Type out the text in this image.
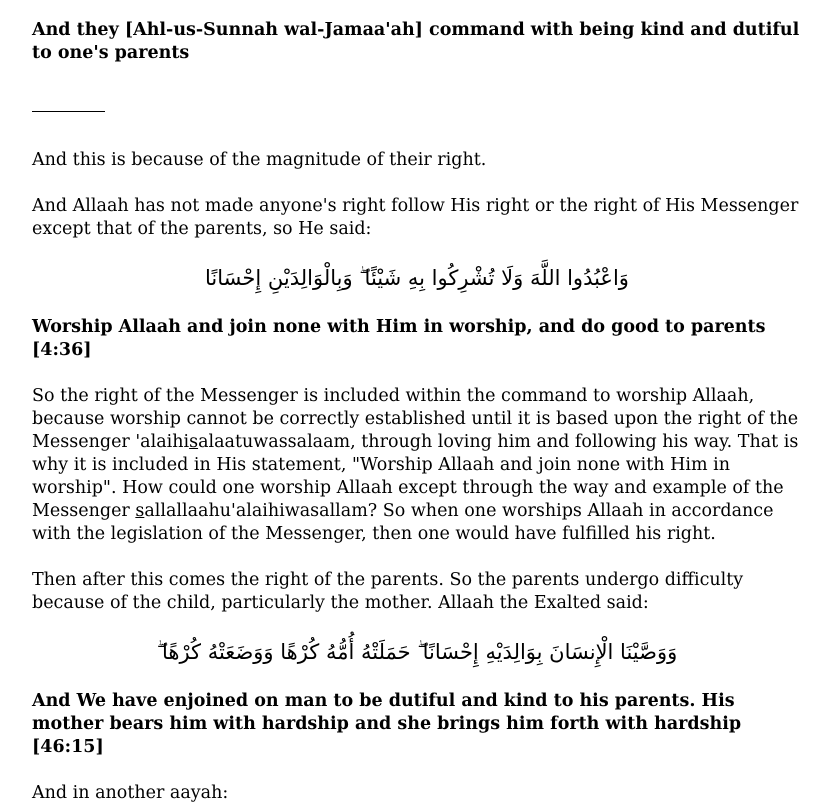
And they [Ahl-us-Sunnah wal-Jamaa'ah] command with being kind and dutiful to one's parents

And this is because of the magnitude of their right.

And Allaah has not made anyone's right follow His right or the right of His Messenger except that of the parents, so He said:

وَاعْبُدُوا اللَّهَ وَلَا تُشْرِكُوا بِهِ شَيْئًا ۖ وَبِالْوَالِدَيْنِ إِحْسَانًا

Worship Allaah and join none with Him in worship, and do good to parents [4:36]

So the right of the Messenger is included within the command to worship Allaah, because worship cannot be correctly established until it is based upon the right of the Messenger 'alaihisalaatuwassalaam, through loving him and following his way. That is why it is included in His statement, "Worship Allaah and join none with Him in worship". How could one worship Allaah except through the way and example of the Messenger sallallaahu'alaihiwasallam? So when one worships Allaah in accordance with the legislation of the Messenger, then one would have fulfilled his right.

Then after this comes the right of the parents. So the parents undergo difficulty because of the child, particularly the mother. Allaah the Exalted said:

وَوَصَّيْنَا الْإِنسَانَ بِوَالِدَيْهِ إِحْسَانًا ۖ حَمَلَتْهُ أُمُّهُ كُرْهًا وَوَضَعَتْهُ كُرْهًا ۖ

And We have enjoined on man to be dutiful and kind to his parents. His mother bears him with hardship and she brings him forth with hardship [46:15]

And in another aayah:
